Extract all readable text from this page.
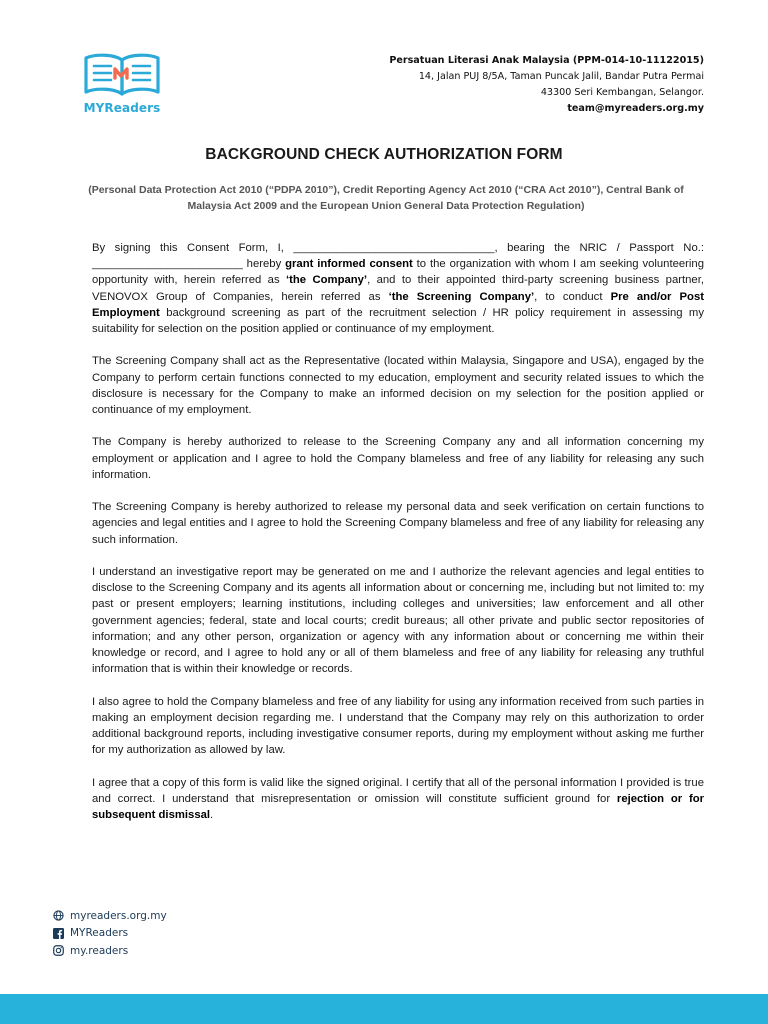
MYReaders
Persatuan Literasi Anak Malaysia (PPM-014-10-11122015)
14, Jalan PUJ 8/5A, Taman Puncak Jalil, Bandar Putra Permai
43300 Seri Kembangan, Selangor.
team@myreaders.org.my
BACKGROUND CHECK AUTHORIZATION FORM
(Personal Data Protection Act 2010 (“PDPA 2010”), Credit Reporting Agency Act 2010 (“CRA Act 2010”), Central Bank of Malaysia Act 2009 and the European Union General Data Protection Regulation)

By signing this Consent Form, I, ________________________________, bearing the NRIC / Passport No.: ________________________ hereby grant informed consent to the organization with whom I am seeking volunteering opportunity with, herein referred as ‘the Company’, and to their appointed third-party screening business partner, VENOVOX Group of Companies, herein referred as ‘the Screening Company’, to conduct Pre and/or Post Employment background screening as part of the recruitment selection / HR policy requirement in assessing my suitability for selection on the position applied or continuance of my employment.

The Screening Company shall act as the Representative (located within Malaysia, Singapore and USA), engaged by the Company to perform certain functions connected to my education, employment and security related issues to which the disclosure is necessary for the Company to make an informed decision on my selection for the position applied or continuance of my employment.

The Company is hereby authorized to release to the Screening Company any and all information concerning my employment or application and I agree to hold the Company blameless and free of any liability for releasing any such information.

The Screening Company is hereby authorized to release my personal data and seek verification on certain functions to agencies and legal entities and I agree to hold the Screening Company blameless and free of any liability for releasing any such information.

I understand an investigative report may be generated on me and I authorize the relevant agencies and legal entities to disclose to the Screening Company and its agents all information about or concerning me, including but not limited to: my past or present employers; learning institutions, including colleges and universities; law enforcement and all other government agencies; federal, state and local courts; credit bureaus; all other private and public sector repositories of information; and any other person, organization or agency with any information about or concerning me within their knowledge or record, and I agree to hold any or all of them blameless and free of any liability for releasing any truthful information that is within their knowledge or records.

I also agree to hold the Company blameless and free of any liability for using any information received from such parties in making an employment decision regarding me. I understand that the Company may rely on this authorization to order additional background reports, including investigative consumer reports, during my employment without asking me further for my authorization as allowed by law.

I agree that a copy of this form is valid like the signed original. I certify that all of the personal information I provided is true and correct. I understand that misrepresentation or omission will constitute sufficient ground for rejection or for subsequent dismissal.

myreaders.org.my
MYReaders
my.readers
